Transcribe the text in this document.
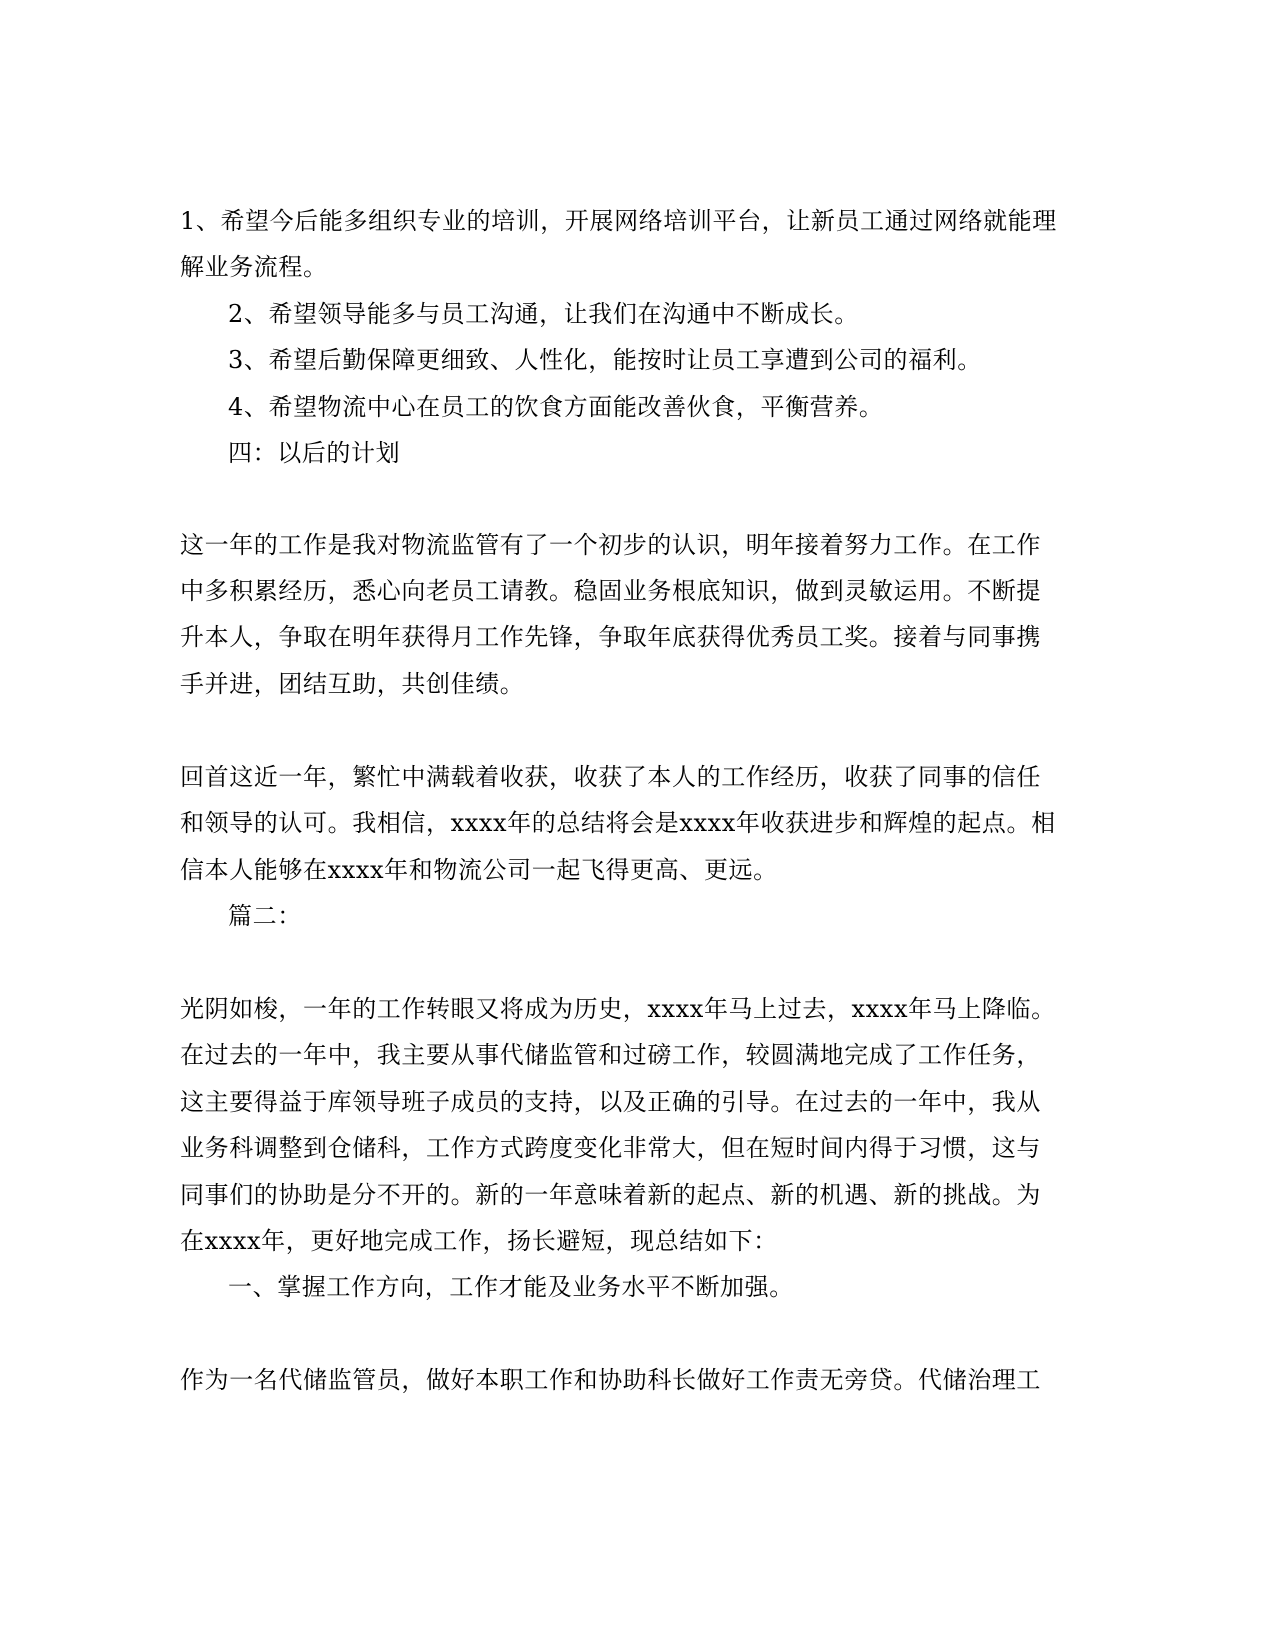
1、希望今后能多组织专业的培训，开展网络培训平台，让新员工通过网络就能理
解业务流程。
2、希望领导能多与员工沟通，让我们在沟通中不断成长。
3、希望后勤保障更细致、人性化，能按时让员工享遭到公司的福利。
4、希望物流中心在员工的饮食方面能改善伙食，平衡营养。
四：以后的计划
这一年的工作是我对物流监管有了一个初步的认识，明年接着努力工作。在工作
中多积累经历，悉心向老员工请教。稳固业务根底知识，做到灵敏运用。不断提
升本人，争取在明年获得月工作先锋，争取年底获得优秀员工奖。接着与同事携
手并进，团结互助，共创佳绩。
回首这近一年，繁忙中满载着收获，收获了本人的工作经历，收获了同事的信任
和领导的认可。我相信，xxxx年的总结将会是xxxx年收获进步和辉煌的起点。相
信本人能够在xxxx年和物流公司一起飞得更高、更远。
篇二：
光阴如梭，一年的工作转眼又将成为历史，xxxx年马上过去，xxxx年马上降临。
在过去的一年中，我主要从事代储监管和过磅工作，较圆满地完成了工作任务，
这主要得益于库领导班子成员的支持，以及正确的引导。在过去的一年中，我从
业务科调整到仓储科，工作方式跨度变化非常大，但在短时间内得于习惯，这与
同事们的协助是分不开的。新的一年意味着新的起点、新的机遇、新的挑战。为
在xxxx年，更好地完成工作，扬长避短，现总结如下：
一、掌握工作方向，工作才能及业务水平不断加强。
作为一名代储监管员，做好本职工作和协助科长做好工作责无旁贷。代储治理工
